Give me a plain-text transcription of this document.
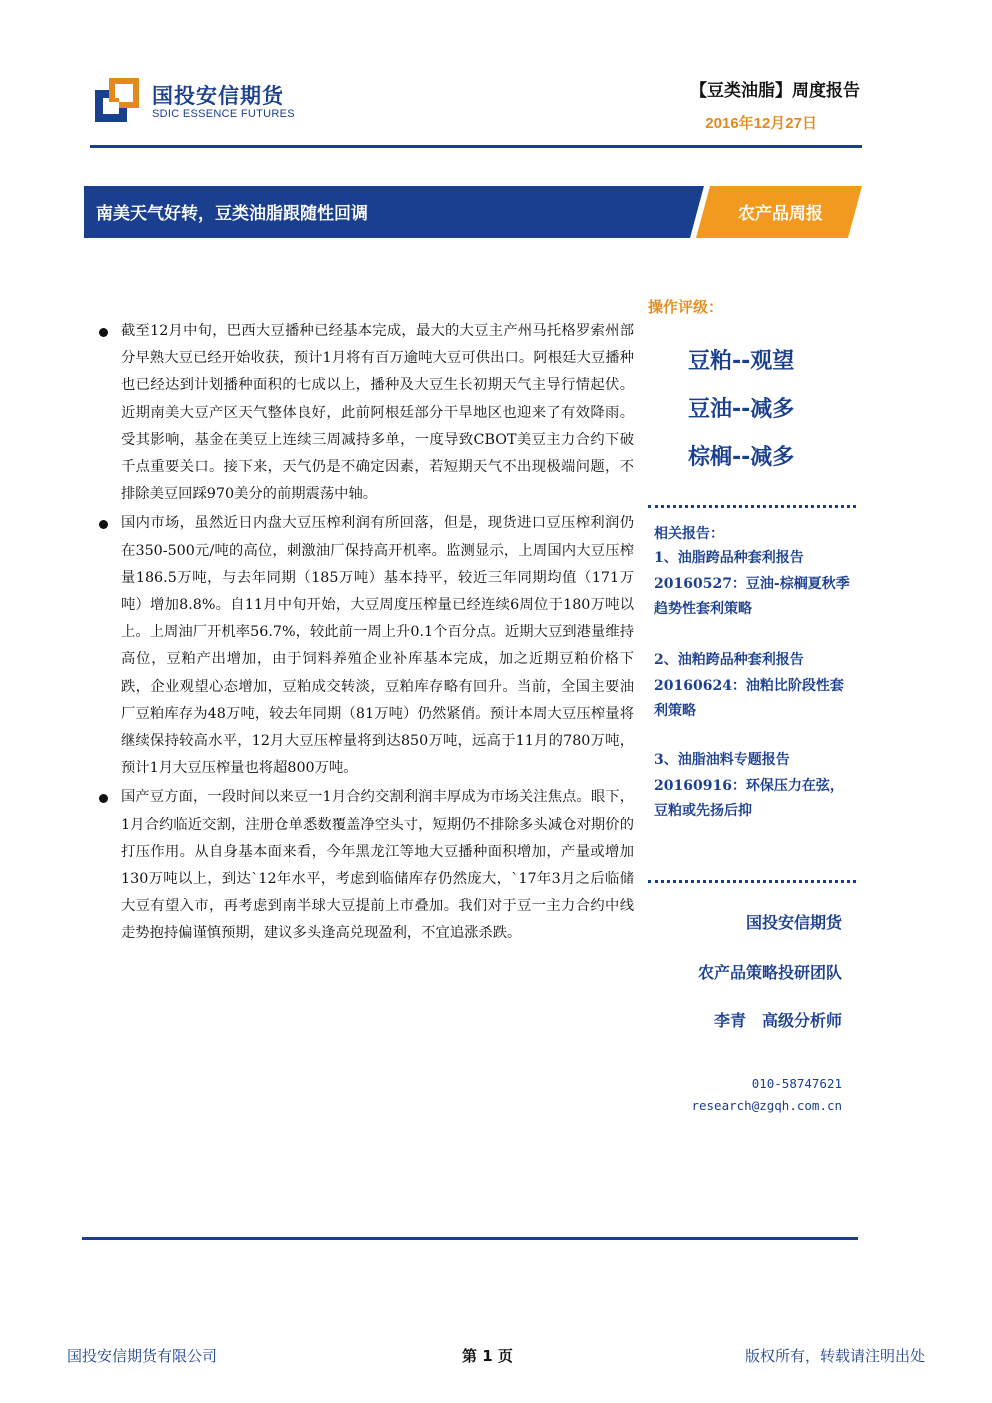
国投安信期货
SDIC ESSENCE FUTURES
【豆类油脂】周度报告
2016年12月27日
南美天气好转，豆类油脂跟随性回调	农产品周报
截至12月中旬，巴西大豆播种已经基本完成，最大的大豆主产州马托格罗索州部分早熟大豆已经开始收获，预计1月将有百万逾吨大豆可供出口。阿根廷大豆播种也已经达到计划播种面积的七成以上，播种及大豆生长初期天气主导行情起伏。近期南美大豆产区天气整体良好，此前阿根廷部分干旱地区也迎来了有效降雨。受其影响，基金在美豆上连续三周减持多单，一度导致CBOT美豆主力合约下破千点重要关口。接下来，天气仍是不确定因素，若短期天气不出现极端问题，不排除美豆回踩970美分的前期震荡中轴。
国内市场，虽然近日内盘大豆压榨利润有所回落，但是，现货进口豆压榨利润仍在350-500元/吨的高位，刺激油厂保持高开机率。监测显示，上周国内大豆压榨量186.5万吨，与去年同期（185万吨）基本持平，较近三年同期均值（171万吨）增加8.8%。自11月中旬开始，大豆周度压榨量已经连续6周位于180万吨以上。上周油厂开机率56.7%，较此前一周上升0.1个百分点。近期大豆到港量维持高位，豆粕产出增加，由于饲料养殖企业补库基本完成，加之近期豆粕价格下跌，企业观望心态增加，豆粕成交转淡，豆粕库存略有回升。当前，全国主要油厂豆粕库存为48万吨，较去年同期（81万吨）仍然紧俏。预计本周大豆压榨量将继续保持较高水平，12月大豆压榨量将到达850万吨，远高于11月的780万吨，预计1月大豆压榨量也将超800万吨。
国产豆方面，一段时间以来豆一1月合约交割利润丰厚成为市场关注焦点。眼下，1月合约临近交割，注册仓单悉数覆盖净空头寸，短期仍不排除多头减仓对期价的打压作用。从自身基本面来看，今年黑龙江等地大豆播种面积增加，产量或增加130万吨以上，到达`12年水平，考虑到临储库存仍然庞大，`17年3月之后临储大豆有望入市，再考虑到南半球大豆提前上市叠加。我们对于豆一主力合约中线走势抱持偏谨慎预期，建议多头逢高兑现盈利，不宜追涨杀跌。
操作评级：
豆粕--观望
豆油--减多
棕榈--减多
相关报告：
1、油脂跨品种套利报告20160527：豆油-棕榈夏秋季趋势性套利策略
2、油粕跨品种套利报告20160624：油粕比阶段性套利策略
3、油脂油料专题报告20160916：环保压力在弦，豆粕或先扬后抑
国投安信期货
农产品策略投研团队
李青　高级分析师
010-58747621
research@zgqh.com.cn
国投安信期货有限公司	第 1 页	版权所有，转载请注明出处
